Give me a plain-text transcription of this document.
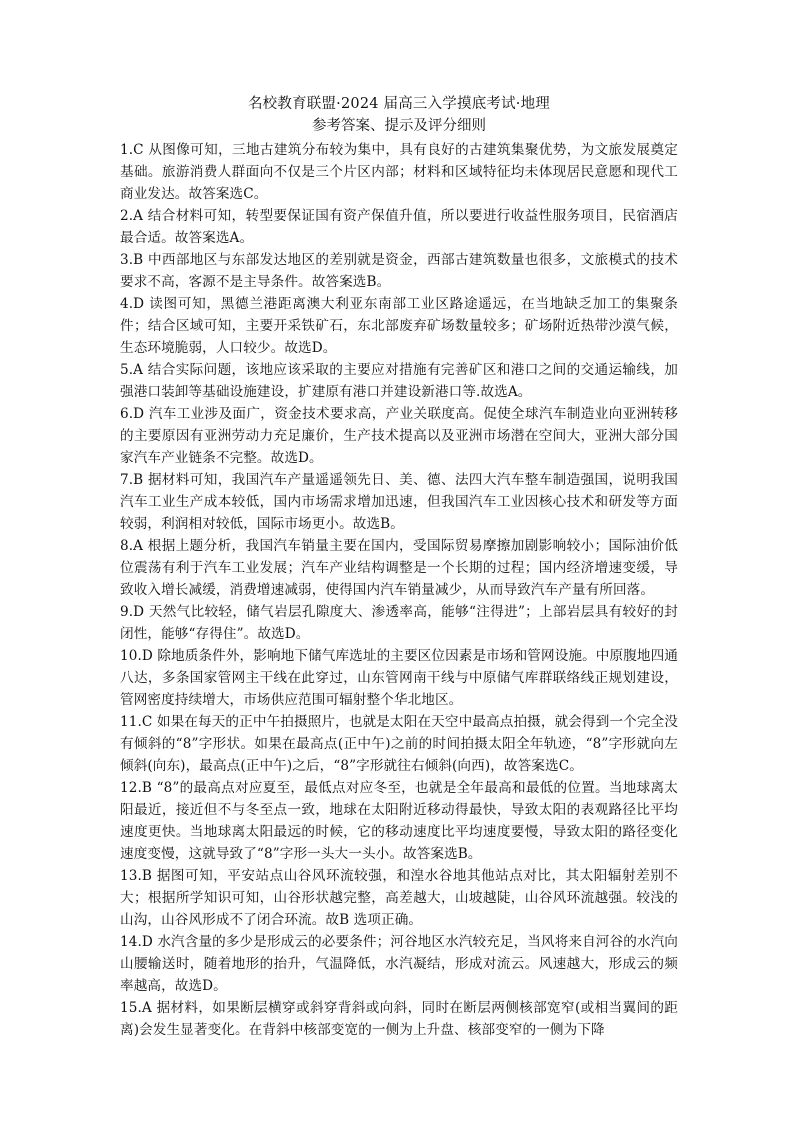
名校教育联盟·2024 届高三入学摸底考试·地理
参考答案、提示及评分细则

1.C 从图像可知，三地古建筑分布较为集中，具有良好的古建筑集聚优势，为文旅发展奠定基础。旅游消费人群面向不仅是三个片区内部；材料和区域特征均未体现居民意愿和现代工商业发达。故答案选C。

2.A 结合材料可知，转型要保证国有资产保值升值，所以要进行收益性服务项目，民宿酒店最合适。故答案选A。

3.B 中西部地区与东部发达地区的差别就是资金，西部古建筑数量也很多，文旅模式的技术要求不高，客源不是主导条件。故答案选B。

4.D 读图可知，黑德兰港距离澳大利亚东南部工业区路途遥远，在当地缺乏加工的集聚条件；结合区域可知，主要开采铁矿石，东北部废弃矿场数量较多；矿场附近热带沙漠气候，生态环境脆弱，人口较少。故选D。

5.A 结合实际问题，该地应该采取的主要应对措施有完善矿区和港口之间的交通运输线，加强港口装卸等基础设施建设，扩建原有港口并建设新港口等.故选A。

6.D 汽车工业涉及面广，资金技术要求高，产业关联度高。促使全球汽车制造业向亚洲转移的主要原因有亚洲劳动力充足廉价，生产技术提高以及亚洲市场潜在空间大，亚洲大部分国家汽车产业链条不完整。故选D。

7.B 据材料可知，我国汽车产量遥遥领先日、美、德、法四大汽车整车制造强国，说明我国汽车工业生产成本较低，国内市场需求增加迅速，但我国汽车工业因核心技术和研发等方面较弱，利润相对较低，国际市场更小。故选B。

8.A 根据上题分析，我国汽车销量主要在国内，受国际贸易摩擦加剧影响较小；国际油价低位震荡有利于汽车工业发展；汽车产业结构调整是一个长期的过程；国内经济增速变缓，导致收入增长减缓，消费增速减弱，使得国内汽车销量减少，从而导致汽车产量有所回落。

9.D 天然气比较轻，储气岩层孔隙度大、渗透率高，能够“注得进”；上部岩层具有较好的封闭性，能够“存得住”。故选D。

10.D 除地质条件外，影响地下储气库选址的主要区位因素是市场和管网设施。中原腹地四通八达，多条国家管网主干线在此穿过，山东管网南干线与中原储气库群联络线正规划建设，管网密度持续增大，市场供应范围可辐射整个华北地区。

11.C 如果在每天的正中午拍摄照片，也就是太阳在天空中最高点拍摄，就会得到一个完全没有倾斜的“8”字形状。如果在最高点(正中午)之前的时间拍摄太阳全年轨迹，“8”字形就向左倾斜(向东)，最高点(正中午)之后，“8”字形就往右倾斜(向西)，故答案选C。

12.B “8”的最高点对应夏至，最低点对应冬至，也就是全年最高和最低的位置。当地球离太阳最近，接近但不与冬至点一致，地球在太阳附近移动得最快，导致太阳的表观路径比平均速度更快。当地球离太阳最远的时候，它的移动速度比平均速度要慢，导致太阳的路径变化速度变慢，这就导致了“8”字形一头大一头小。故答案选B。

13.B 据图可知，平安站点山谷风环流较强，和湟水谷地其他站点对比，其太阳辐射差别不大；根据所学知识可知，山谷形状越完整，高差越大，山坡越陡，山谷风环流越强。较浅的山沟，山谷风形成不了闭合环流。故B 选项正确。

14.D 水汽含量的多少是形成云的必要条件；河谷地区水汽较充足，当风将来自河谷的水汽向山腰输送时，随着地形的抬升，气温降低，水汽凝结，形成对流云。风速越大，形成云的频率越高，故选D。

15.A 据材料，如果断层横穿或斜穿背斜或向斜，同时在断层两侧核部宽窄(或相当翼间的距离)会发生显著变化。在背斜中核部变宽的一侧为上升盘、核部变窄的一侧为下降
